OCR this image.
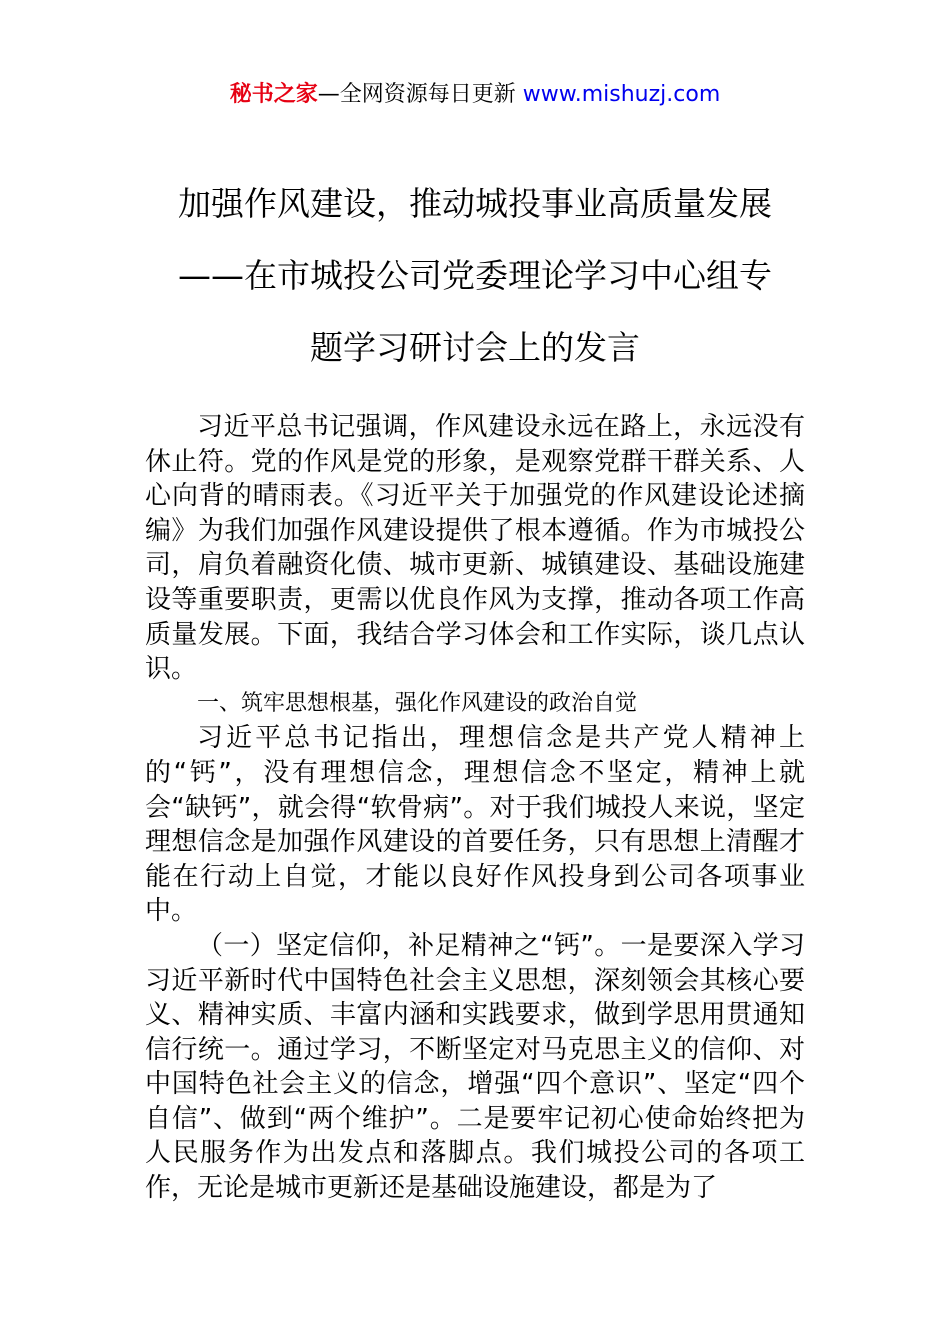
秘书之家—全网资源每日更新 www.mishuzj.com
加强作风建设，推动城投事业高质量发展
——在市城投公司党委理论学习中心组专
题学习研讨会上的发言

习近平总书记强调，作风建设永远在路上，永远没有休止符。党的作风是党的形象，是观察党群干群关系、人心向背的晴雨表。《习近平关于加强党的作风建设论述摘编》为我们加强作风建设提供了根本遵循。作为市城投公司，肩负着融资化债、城市更新、城镇建设、基础设施建设等重要职责，更需以优良作风为支撑，推动各项工作高质量发展。下面，我结合学习体会和工作实际，谈几点认识。

一、筑牢思想根基，强化作风建设的政治自觉

习近平总书记指出，理想信念是共产党人精神上的“钙”，没有理想信念，理想信念不坚定，精神上就会“缺钙”，就会得“软骨病”。对于我们城投人来说，坚定理想信念是加强作风建设的首要任务，只有思想上清醒才能在行动上自觉，才能以良好作风投身到公司各项事业中。

（一）坚定信仰，补足精神之“钙”。一是要深入学习习近平新时代中国特色社会主义思想，深刻领会其核心要义、精神实质、丰富内涵和实践要求，做到学思用贯通知信行统一。通过学习，不断坚定对马克思主义的信仰、对中国特色社会主义的信念，增强“四个意识”、坚定“四个自信”、做到“两个维护”。二是要牢记初心使命始终把为人民服务作为出发点和落脚点。我们城投公司的各项工作，无论是城市更新还是基础设施建设，都是为了
